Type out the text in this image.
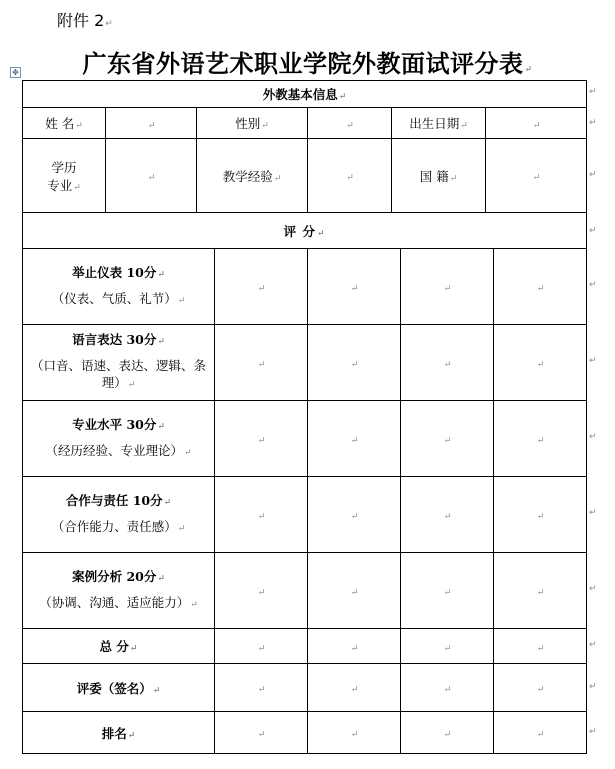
附件 2↵
广东省外语艺术职业学院外教面试评分表↵
✥
外教基本信息↵								
姓 名↵	↵	性别↵		↵	出生日期↵		↵	

学历
专业↵	↵	教学经验↵		↵	国 籍↵		↵	
评 分↵								

举止仪表 10分↵
（仪表、气质、礼节）↵			↵	↵		↵		↵

语言表达 30分↵
（口音、语速、表达、逻辑、条理）↵			↵	↵		↵		↵

专业水平 30分↵
（经历经验、专业理论）↵			↵	↵		↵		↵

合作与责任 10分↵
（合作能力、责任感）↵			↵	↵		↵		↵

案例分析 20分↵
（协调、沟通、适应能力）↵			↵	↵		↵		↵
总 分↵			↵	↵		↵		↵
评委（签名）↵			↵	↵		↵		↵
排名↵			↵	↵		↵		↵
↵
↵
↵
↵
↵
↵
↵
↵
↵
↵
↵
↵
